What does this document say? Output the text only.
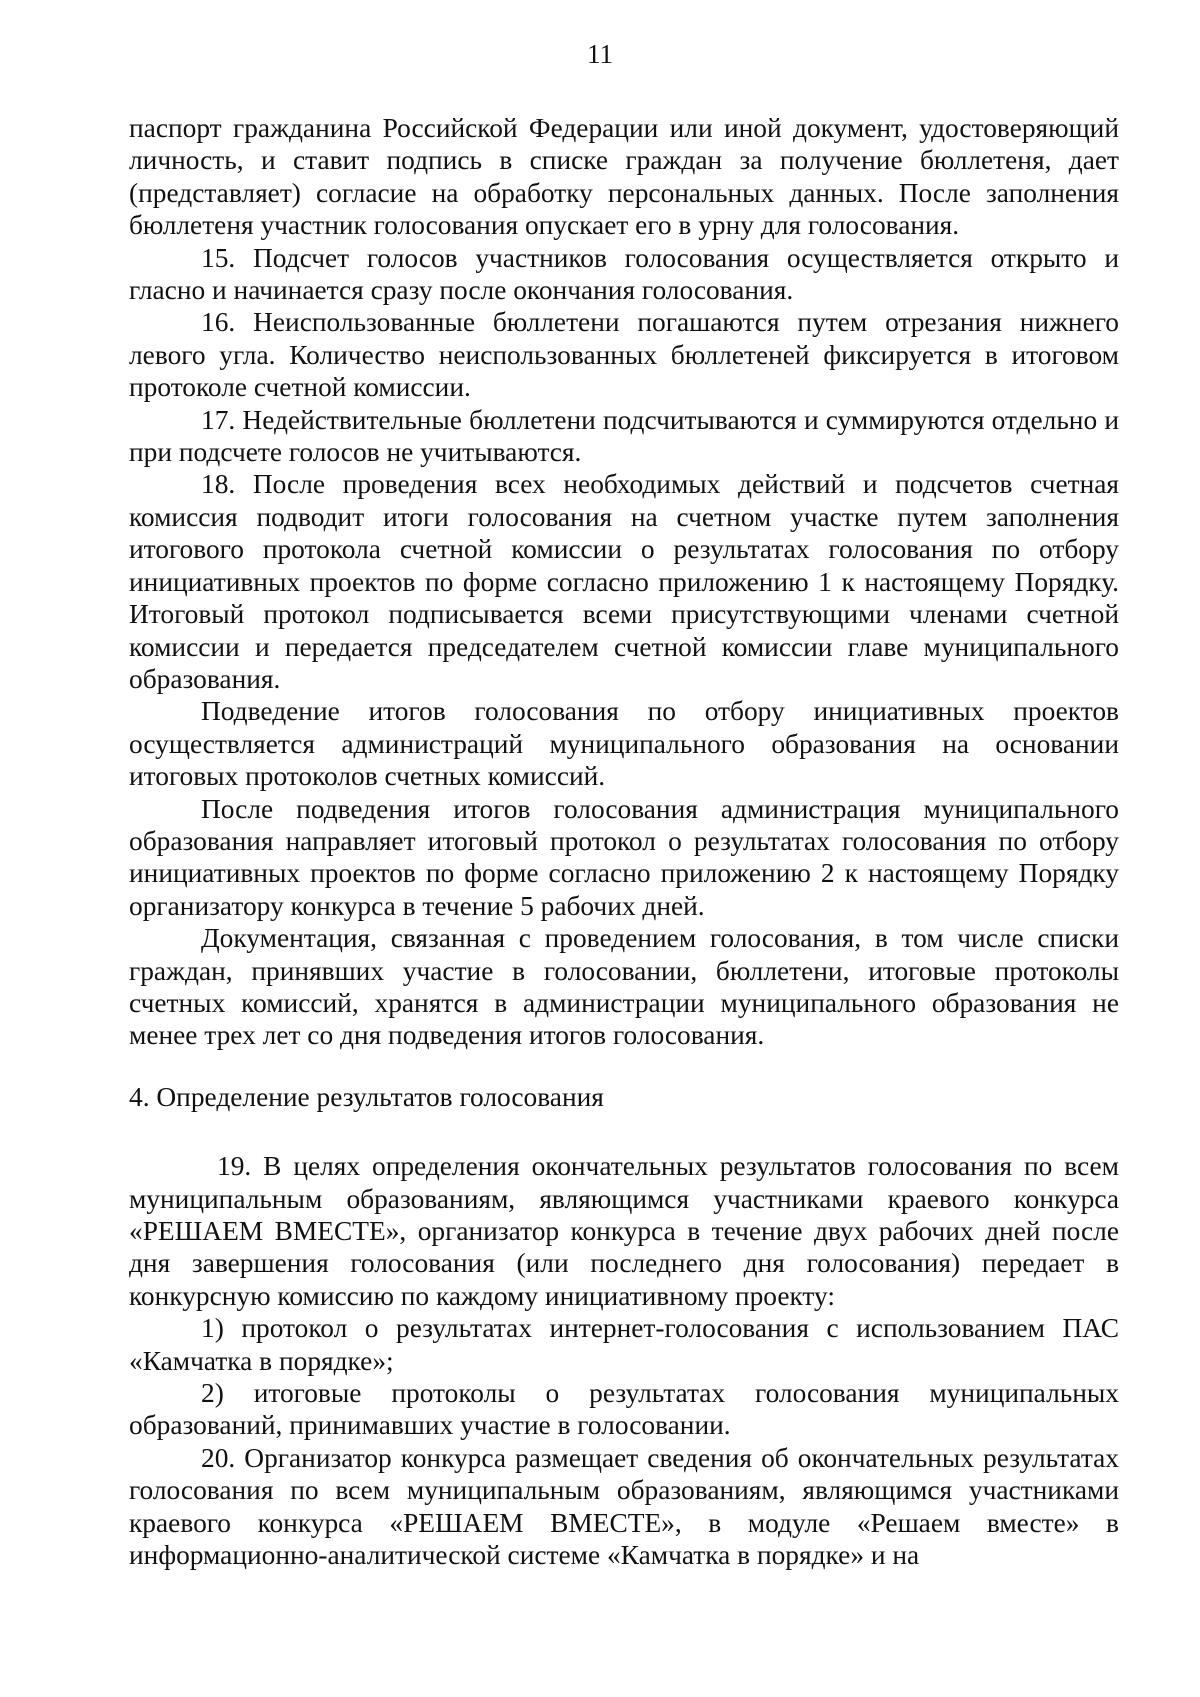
11

паспорт гражданина Российской Федерации или иной документ, удостоверяющий личность, и ставит подпись в списке граждан за получение бюллетеня, дает (представляет) согласие на обработку персональных данных. После заполнения бюллетеня участник голосования опускает его в урну для голосования.

15. Подсчет голосов участников голосования осуществляется открыто и гласно и начинается сразу после окончания голосования.

16. Неиспользованные бюллетени погашаются путем отрезания нижнего левого угла. Количество неиспользованных бюллетеней фиксируется в итоговом протоколе счетной комиссии.

17. Недействительные бюллетени подсчитываются и суммируются отдельно и при подсчете голосов не учитываются.

18. После проведения всех необходимых действий и подсчетов счетная комиссия подводит итоги голосования на счетном участке путем заполнения итогового протокола счетной комиссии о результатах голосования по отбору инициативных проектов по форме согласно приложению 1 к настоящему Порядку. Итоговый протокол подписывается всеми присутствующими членами счетной комиссии и передается председателем счетной комиссии главе муниципального образования.

Подведение итогов голосования по отбору инициативных проектов осуществляется администраций муниципального образования на основании итоговых протоколов счетных комиссий.

После подведения итогов голосования администрация муниципального образования направляет итоговый протокол о результатах голосования по отбору инициативных проектов по форме согласно приложению 2 к настоящему Порядку организатору конкурса в течение 5 рабочих дней.

Документация, связанная с проведением голосования, в том числе списки граждан, принявших участие в голосовании, бюллетени, итоговые протоколы счетных комиссий, хранятся в администрации муниципального образования не менее трех лет со дня подведения итогов голосования.

4. Определение результатов голосования

19. В целях определения окончательных результатов голосования по всем муниципальным образованиям, являющимся участниками краевого конкурса «РЕШАЕМ ВМЕСТЕ», организатор конкурса в течение двух рабочих дней после дня завершения голосования (или последнего дня голосования) передает в конкурсную комиссию по каждому инициативному проекту:

1) протокол о результатах интернет-голосования с использованием ПАС «Камчатка в порядке»;

2) итоговые протоколы о результатах голосования муниципальных образований, принимавших участие в голосовании.

20. Организатор конкурса размещает сведения об окончательных результатах голосования по всем муниципальным образованиям, являющимся участниками краевого конкурса «РЕШАЕМ ВМЕСТЕ», в модуле «Решаем вместе» в информационно-аналитической системе «Камчатка в порядке» и на
